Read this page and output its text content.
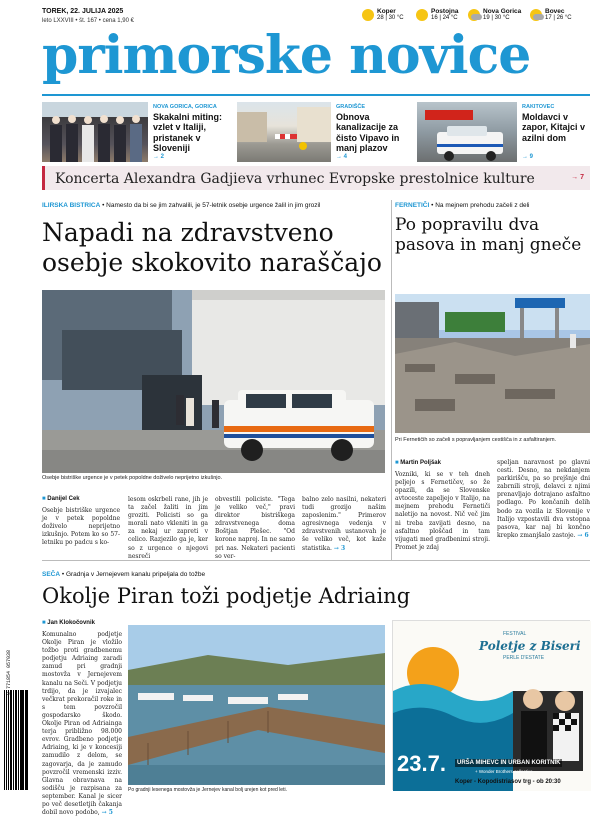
TOREK, 22. JULIJA 2025
leto LXXVIII • št. 167 • cena 1,90 €
Koper
28 | 30 °C
Postojna
16 | 24 °C
Nova Gorica
19 | 30 °C
Bovec
17 | 26 °C
primorske novice
NOVA GORICA, GORICA
Skakalni miting: vzlet v Italiji, pristanek v Sloveniji
→ 2
GRADIŠČE
Obnova kanalizacije za čisto Vipavo in manj plazov
→ 4
RAKITOVEC
Moldavci v zapor, Kitajci v azilni dom
→ 9
Koncerta Alexandra Gadjieva vrhunec Evropske prestolnice kulture	→ 7
ILIRSKA BISTRICA • Namesto da bi se jim zahvalili, je 57-letnik osebje urgence žalil in jim grozil
Napadi na zdravstveno osebje skokovito naraščajo
Osebje bistriške urgence je v petek popoldne doživelo neprijetno izkušnjo.
■ Danijel Cek
Osebje bistriške urgence je v petek popoldne doživelo neprijetno izkušnjo. Potem ko so 57-letniku po padcu s ko-
lesom oskrbeli rane, jih je ta začel žaliti in jim groziti. Policisti so ga morali nato vkleniti in ga za nekaj ur zapreti v celico. Razjezilo ga je, ker so z urgence o njegovi nesreči
obvestili policiste. "Tega je veliko več," pravi direktor bistriškega zdravstvenega doma Boštjan Plešec. "Od korone naprej. In ne samo pri nas. Nekateri pacienti so ver-
balno zelo nasilni, nekateri tudi grozijo našim zaposlenim." Primerov agresivnega vedenja v zdravstvenih ustanovah je še veliko več, kot kaže statistika. → 3
FERNETIČI • Na mejnem prehodu začeli z deli
Po popravilu dva pasova in manj gneče
Pri Fernetičih so začeli s popravljanjem cestišča in z asfaltiranjem.
■ Martin Poljšak
Vozniki, ki se v teh dneh peljejo s Fernetičev, so že opazili, da se Slovenske avtoceste zapeljejo v Italijo, na mejnem prehodu Fernetiči naletijo na novost. Nič več jim ni treba zavijati desno, na asfaltno ploščad in tam vijugati med gradbenimi stroji. Promet je zdaj
speljan naravnost po glavni cesti. Desno, na nekdanjem parkirišču, pa so prejšnje dni zabrnili stroji, delavci z njimi prenavljajo dotrajano asfaltno podlago. Po končanih delih bodo za vozila iz Slovenije v Italijo vzpostavili dva vstopna pasova, kar naj bi končno krepko zmanjšalo zastoje. → 6
SEČA • Gradnja v Jernejevem kanalu pripeljala do tožbe
Okolje Piran toži podjetje Adriaing
■ Jan Klokočovnik
Komunalno podjetje Okolje Piran je vložilo tožbo proti gradbenemu podjetju Adriaing zaradi zamud pri gradnji mostovža v Jernejevem kanalu na Seči. V podjetju trdijo, da je izvajalec večkrat prekoračil roke in s tem povzročil gospodarsko škodo. Okolje Piran od Adriainga terja približno 98.000 evrov. Gradbeno podjetje Adriaing, ki je v koncesiji zamudilo z delom, se zagovarja, da je zamudo povzročil vremenski izziv. Glavna obravnava na sodišču je razpisana za september. Kanal je sicer po več desetletjih čakanja dobil novo podobo, → 5
Po gradnji lesenega mostovža je Jernejev kanal bolj urejen kot pred leti.
FESTIVAL
Poletje z Biseri
PERLE D'ESTATE
23.7.	URŠA MIHEVC IN URBAN KORITNIK
+ Wonder Brothers collective
Koper - Kopodistriasov trg - ob 20:30
9 771854 057038
